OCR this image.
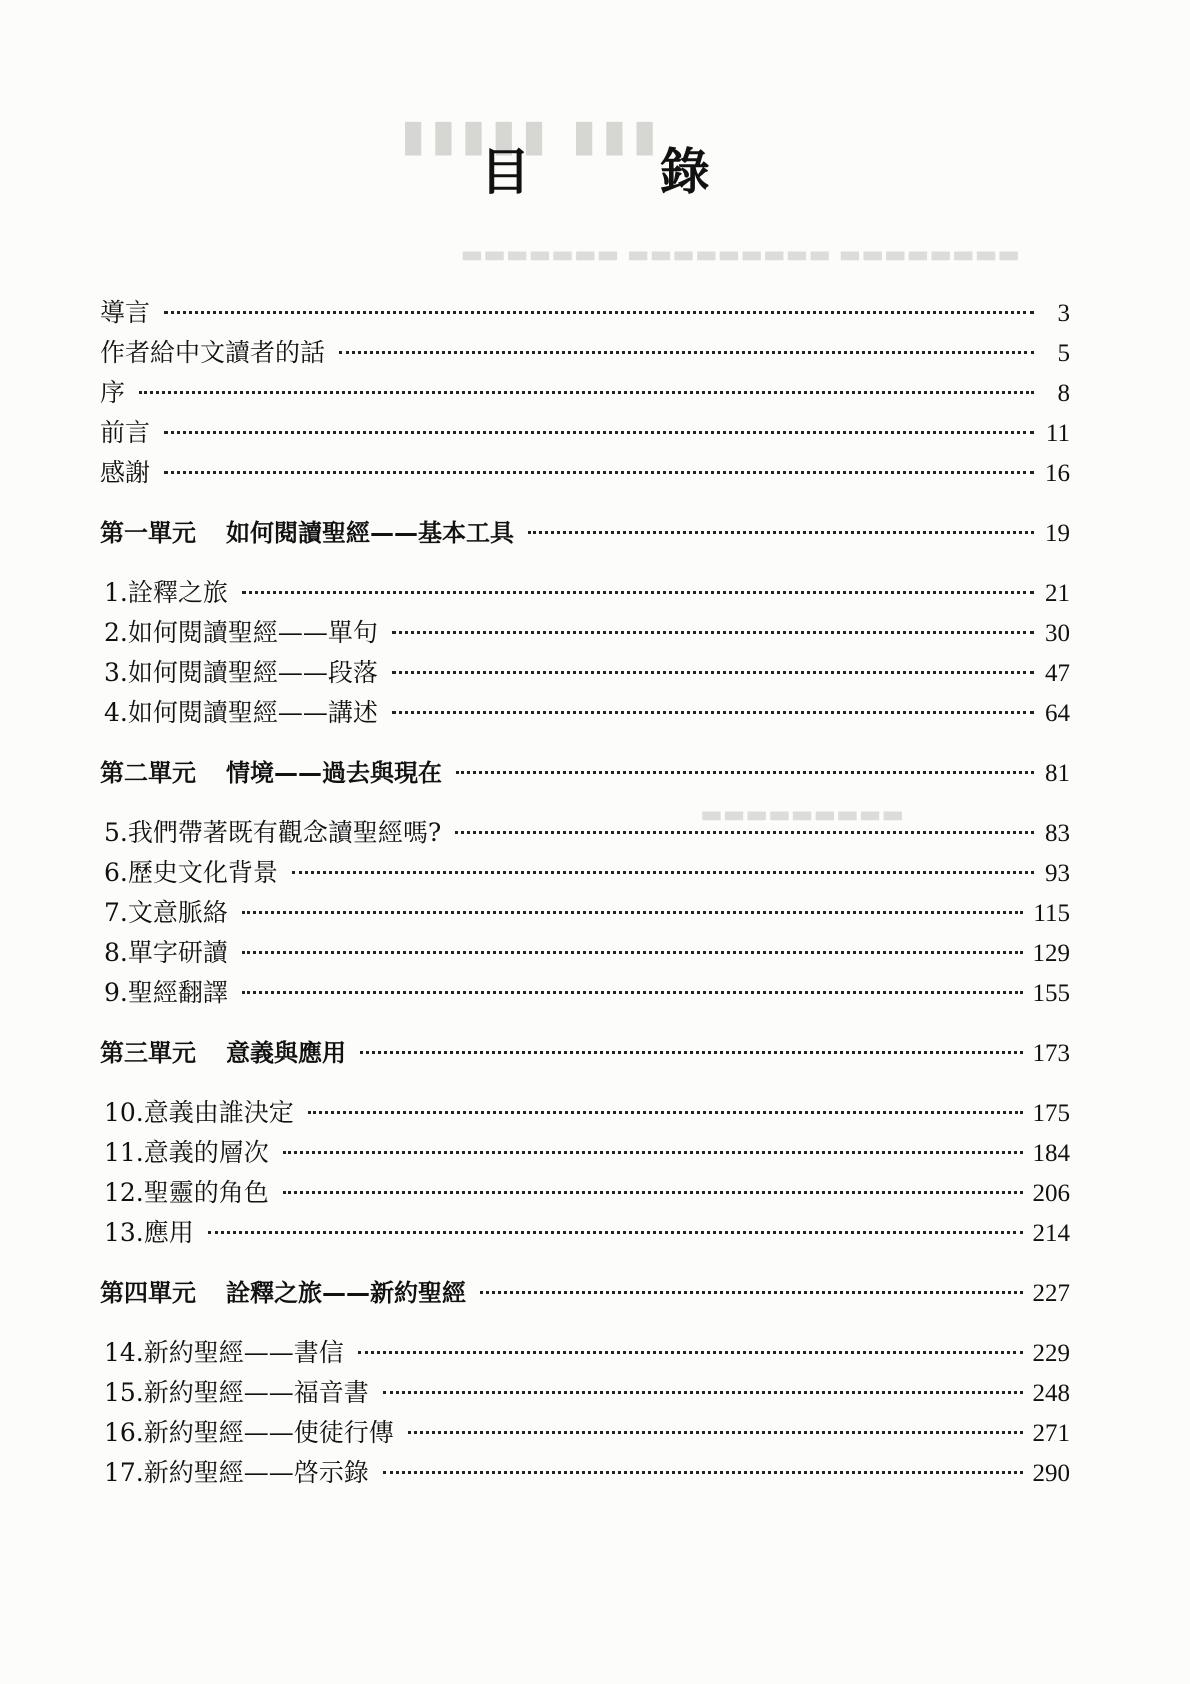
▮▮▮ ▮▮▮▮▮
▬▬▬▬▬▬▬▬ ▬▬▬▬▬▬▬▬▬ ▬▬▬▬▬▬▬
▬▬▬▬▬▬▬▬▬
目 錄
導言	3
作者給中文讀者的話	5
序	8
前言	11
感謝	16
第一單元 如何閱讀聖經——基本工具	19
1.詮釋之旅	21
2.如何閱讀聖經——單句	30
3.如何閱讀聖經——段落	47
4.如何閱讀聖經——講述	64
第二單元 情境——過去與現在	81
5.我們帶著既有觀念讀聖經嗎?	83
6.歷史文化背景	93
7.文意脈絡	115
8.單字研讀	129
9.聖經翻譯	155
第三單元 意義與應用	173
10.意義由誰決定	175
11.意義的層次	184
12.聖靈的角色	206
13.應用	214
第四單元 詮釋之旅——新約聖經	227
14.新約聖經——書信	229
15.新約聖經——福音書	248
16.新約聖經——使徒行傳	271
17.新約聖經——啓示錄	290
